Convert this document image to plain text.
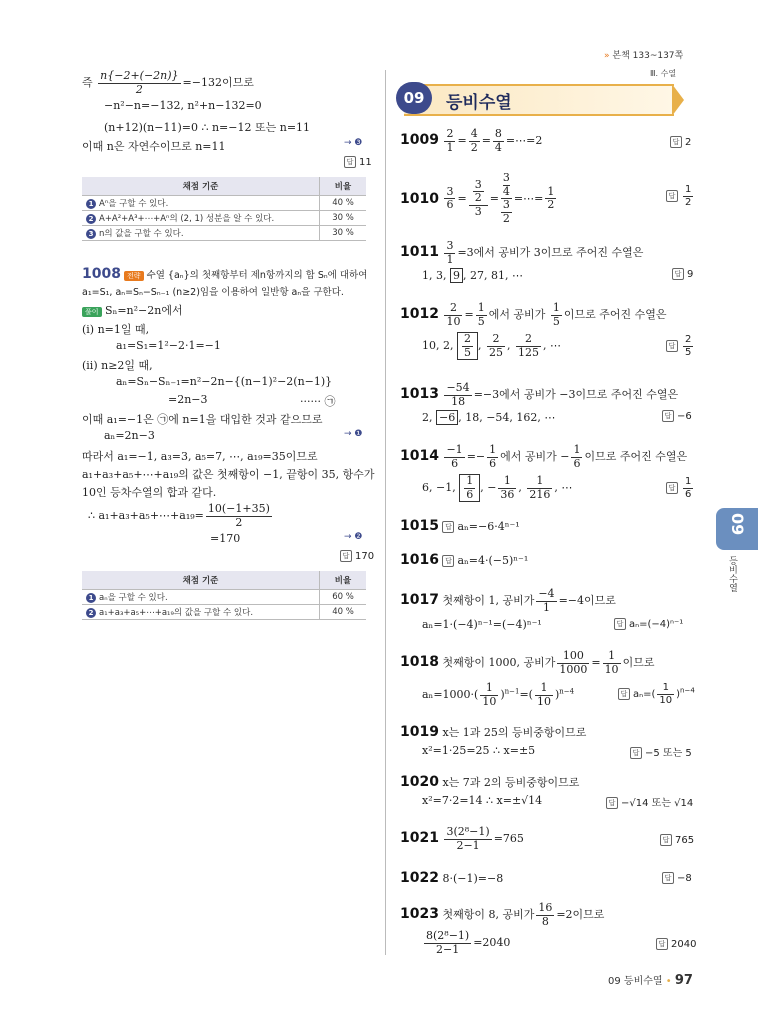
» 본책 133~137쪽
Ⅲ. 수열
09	등비수열
09
등비수열
즉 $\frac{n\{-2+(-2n)\}}{2} =-132$이므로
−n²−n=−132, n²+n−132=0
(n+12)(n−11)=0 ∴ n=−12 또는 n=11
이때 n은 자연수이므로 n=11	→ ❸
답 11
채점 기준	비율
1 Aⁿ을 구할 수 있다.	40 %
2 A+A²+A³+⋯+Aⁿ의 (2, 1) 성분을 알 수 있다.	30 %
3 n의 값을 구할 수 있다.	30 %
1008 전략 수열 {aₙ}의 첫째항부터 제n항까지의 합 Sₙ에 대하여
a₁=S₁, aₙ=Sₙ−Sₙ₋₁ (n≥2)임을 이용하여 일반항 aₙ을 구한다.
풀이 Sₙ=n²−2n에서
(ⅰ) n=1일 때,
a₁=S₁=1²−2·1=−1
(ⅱ) n≥2일 때,
aₙ=Sₙ−Sₙ₋₁=n²−2n−{(n−1)²−2(n−1)}
=2n−3	······ ㉠
이때 a₁=−1은 ㉠에 n=1을 대입한 것과 같으므로
aₙ=2n−3	→ ❶
따라서 a₁=−1, a₃=3, a₅=7, ⋯, a₁₉=35이므로
a₁+a₃+a₅+⋯+a₁₉의 값은 첫째항이 −1, 끝항이 35, 항수가
10인 등차수열의 합과 같다.
∴ a₁+a₃+a₅+⋯+a₁₉= $\frac{10(-1+35)}{2}$
=170	→ ❷
답 170
채점 기준	비율
1 aₙ을 구할 수 있다.	60 %
2 a₁+a₃+a₅+⋯+a₁₉의 값을 구할 수 있다.	40 %
$1009 \frac{2}{1} = \frac{4}{2} = \frac{8}{4}$ =⋯=2	답 2
$1010 \frac{3}{6} = \frac{\frac{3}{2}}{3}$ =
3
4
3
2
=⋯= $\frac{1}{2}$	답 $\frac{1}{2}$
$1011 \frac{3}{1} =3$에서 공비가 3이므로 주어진 수열은
1, 3, 9 , 27, 81, ⋯	답 9
$1012 \frac{2}{10} = \frac{1}{5}$ 에서 공비가 $\frac{1}{5}$ 이므로 주어진 수열은
10, 2, $\frac{2}{5}$ , $\frac{2}{25}$ , $\frac{2}{125}$ , ⋯	답 $\frac{2}{5}$
$1013 \frac{-54}{18} =-3$에서 공비가 −3이므로 주어진 수열은
2, −6 , 18, −54, 162, ⋯	답 −6
$1014 \frac{-1}{6} =- \frac{1}{6}$ 에서 공비가 − $\frac{1}{6}$ 이므로 주어진 수열은
6, −1, $\frac{1}{6}$ , − $\frac{1}{36}$ , $\frac{1}{216}$ , ⋯	답 $\frac{1}{6}$
1015 답 aₙ=−6·4ⁿ⁻¹
1016 답 aₙ=4·(−5)ⁿ⁻¹
1017 첫째항이 1, 공비가 $\frac{-4}{1} =-4$이므로
aₙ=1·(−4)ⁿ⁻¹=(−4)ⁿ⁻¹	답 aₙ=(−4)ⁿ⁻¹
1018 첫째항이 1000, 공비가 $\frac{100}{1000} = \frac{1}{10}$ 이므로
$a_n=1000\cdot( \frac{1}{10} )^{n-1}=( \frac{1}{10} )^{n-4}$	답 $a_n=( \frac{1}{10} )^{n-4}$
1019 x는 1과 25의 등비중항이므로
x²=1·25=25 ∴ x=±5	답 −5 또는 5
1020 x는 7과 2의 등비중항이므로
x²=7·2=14 ∴ x=±√14	답 −√14 또는 √14
$1021 \frac{\text{3(2⁸−1)}}{2-1} =765$	답 765
1022 8·(−1)=−8	답 −8
1023 첫째항이 8, 공비가 $\frac{16}{8} =2$이므로
$\frac{\text{8(2⁸−1)}}{2-1} =2040$	답 2040
09 등비수열 • 97
